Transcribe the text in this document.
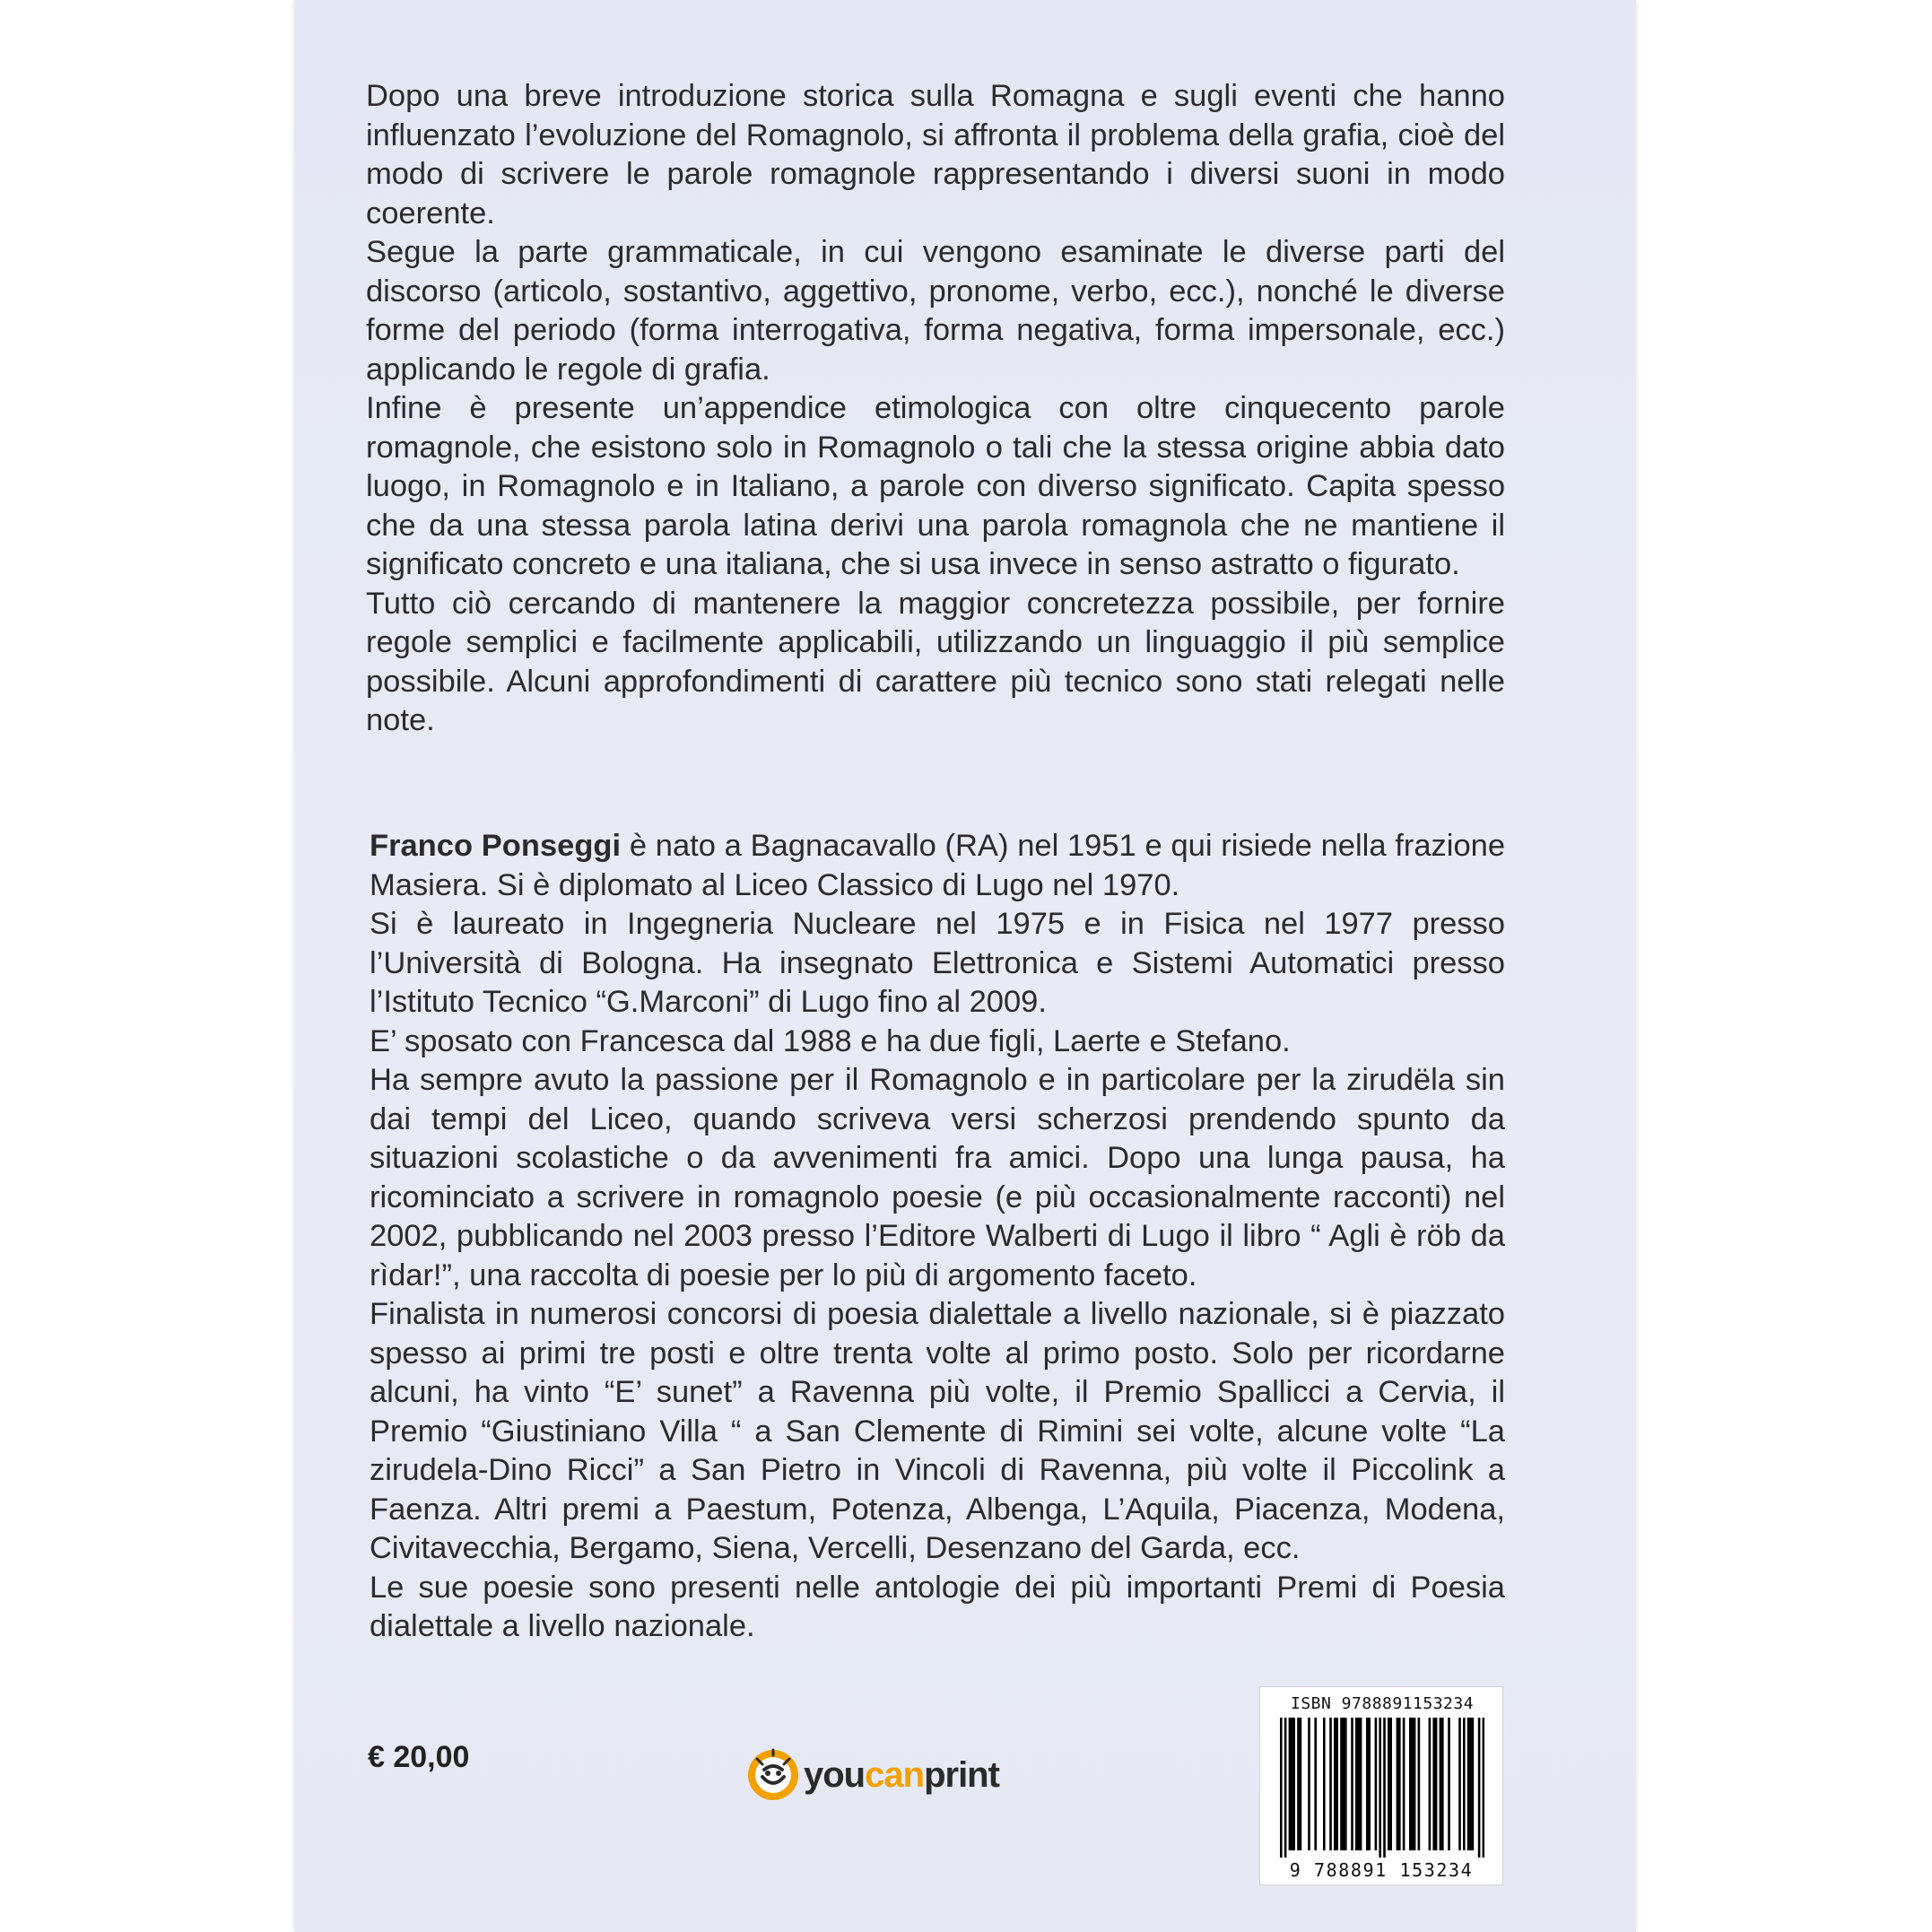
Dopo una breve introduzione storica sulla Romagna e sugli eventi che hanno influenzato l’evoluzione del Romagnolo, si affronta il problema della grafia, cioè del modo di scrivere le parole romagnole rappresentando i diversi suoni in modo coerente.

Segue la parte grammaticale, in cui vengono esaminate le diverse parti del discorso (articolo, sostantivo, aggettivo, pronome, verbo, ecc.), nonché le diverse forme del periodo (forma interrogativa, forma negativa, forma impersonale, ecc.) applicando le regole di grafia.

Infine è presente un’appendice etimologica con oltre cinquecento parole romagnole, che esistono solo in Romagnolo o tali che la stessa origine abbia dato luogo, in Romagnolo e in Italiano, a parole con diverso significato. Capita spesso che da una stessa parola latina derivi una parola romagnola che ne mantiene il significato concreto e una italiana, che si usa invece in senso astratto o figurato.

Tutto ciò cercando di mantenere la maggior concretezza possibile, per fornire regole semplici e facilmente applicabili, utilizzando un linguaggio il più semplice possibile. Alcuni approfondimenti di carattere più tecnico sono stati relegati nelle note.

Franco Ponseggi è nato a Bagnacavallo (RA) nel 1951 e qui risiede nella frazione Masiera. Si è diplomato al Liceo Classico di Lugo nel 1970.

Si è laureato in Ingegneria Nucleare nel 1975 e in Fisica nel 1977 presso l’Università di Bologna. Ha insegnato Elettronica e Sistemi Automatici presso l’Istituto Tecnico “G.Marconi” di Lugo fino al 2009.

E’ sposato con Francesca dal 1988 e ha due figli, Laerte e Stefano.

Ha sempre avuto la passione per il Romagnolo e in particolare per la zirudëla sin dai tempi del Liceo, quando scriveva versi scherzosi prendendo spunto da situazioni scolastiche o da avvenimenti fra amici. Dopo una lunga pausa, ha ricominciato a scrivere in romagnolo poesie (e più occasionalmente racconti) nel 2002, pubblicando nel 2003 presso l’Editore Walberti di Lugo il libro “ Agli è röb da rìdar!”, una raccolta di poesie per lo più di argomento faceto.

Finalista in numerosi concorsi di poesia dialettale a livello nazionale, si è piazzato spesso ai primi tre posti e oltre trenta volte al primo posto. Solo per ricordarne alcuni, ha vinto “E’ sunet” a Ravenna più volte, il Premio Spallicci a Cervia, il Premio “Giustiniano Villa “ a San Clemente di Rimini sei volte, alcune volte “La zirudela-Dino Ricci” a San Pietro in Vincoli di Ravenna, più volte il Piccolink a Faenza. Altri premi a Paestum, Potenza, Albenga, L’Aquila, Piacenza, Modena, Civitavecchia, Bergamo, Siena, Vercelli, Desenzano del Garda, ecc.

Le sue poesie sono presenti nelle antologie dei più importanti Premi di Poesia dialettale a livello nazionale.

€ 20,00	youcanprint
ISBN 9788891153234
9 788891 153234
